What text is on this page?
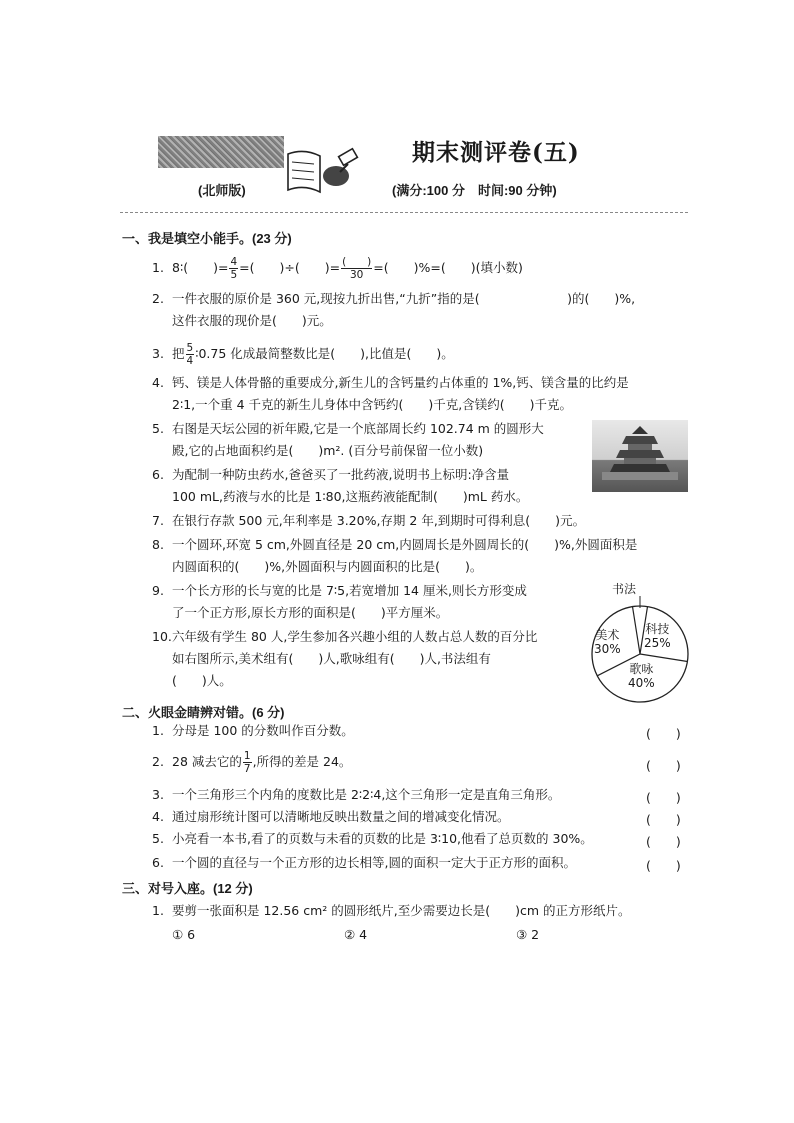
期末测评卷(五)
(北师版)	(满分:100 分　时间:90 分钟)
一、我是填空小能手。(23 分)
1. 8∶(　　)= $\frac{4}{5}$ =(　　)÷(　　)= $\frac{( )}{30}$ =(　　)%=(　　)(填小数)
2. 一件衣服的原价是 360 元,现按九折出售,“九折”指的是(　　　　　　　)的(　　)%,
这件衣服的现价是(　　)元。
3. 把 $\frac{5}{4}$ ∶0.75 化成最简整数比是(　　),比值是(　　)。
4. 钙、镁是人体骨骼的重要成分,新生儿的含钙量约占体重的 1%,钙、镁含量的比约是
2∶1,一个重 4 千克的新生儿身体中含钙约(　　)千克,含镁约(　　)千克。
5. 右图是天坛公园的祈年殿,它是一个底部周长约 102.74 m 的圆形大
殿,它的占地面积约是(　　)m². (百分号前保留一位小数)
6. 为配制一种防虫药水,爸爸买了一批药液,说明书上标明:净含量
100 mL,药液与水的比是 1∶80,这瓶药液能配制(　　)mL 药水。
7. 在银行存款 500 元,年利率是 3.20%,存期 2 年,到期时可得利息(　　)元。
8. 一个圆环,环宽 5 cm,外圆直径是 20 cm,内圆周长是外圆周长的(　　)%,外圆面积是
内圆面积的(　　)%,外圆面积与内圆面积的比是(　　)。
9. 一个长方形的长与宽的比是 7∶5,若宽增加 14 厘米,则长方形变成
了一个正方形,原长方形的面积是(　　)平方厘米。
10.六年级有学生 80 人,学生参加各兴趣小组的人数占总人数的百分比
如右图所示,美术组有(　　)人,歌咏组有(　　)人,书法组有
(　　)人。
书法
美术
30%
科技
25%
歌咏
40%
二、火眼金睛辨对错。(6 分)
1. 分母是 100 的分数叫作百分数。	(　　)
2. 28 减去它的 $\frac{1}{7}$ ,所得的差是 24。	(　　)
3. 一个三角形三个内角的度数比是 2∶2∶4,这个三角形一定是直角三角形。	(　　)
4. 通过扇形统计图可以清晰地反映出数量之间的增减变化情况。	(　　)
5. 小亮看一本书,看了的页数与未看的页数的比是 3∶10,他看了总页数的 30%。	(　　)
6. 一个圆的直径与一个正方形的边长相等,圆的面积一定大于正方形的面积。	(　　)
三、对号入座。(12 分)
1. 要剪一张面积是 12.56 cm² 的圆形纸片,至少需要边长是(　　)cm 的正方形纸片。
① 6	② 4	③ 2
